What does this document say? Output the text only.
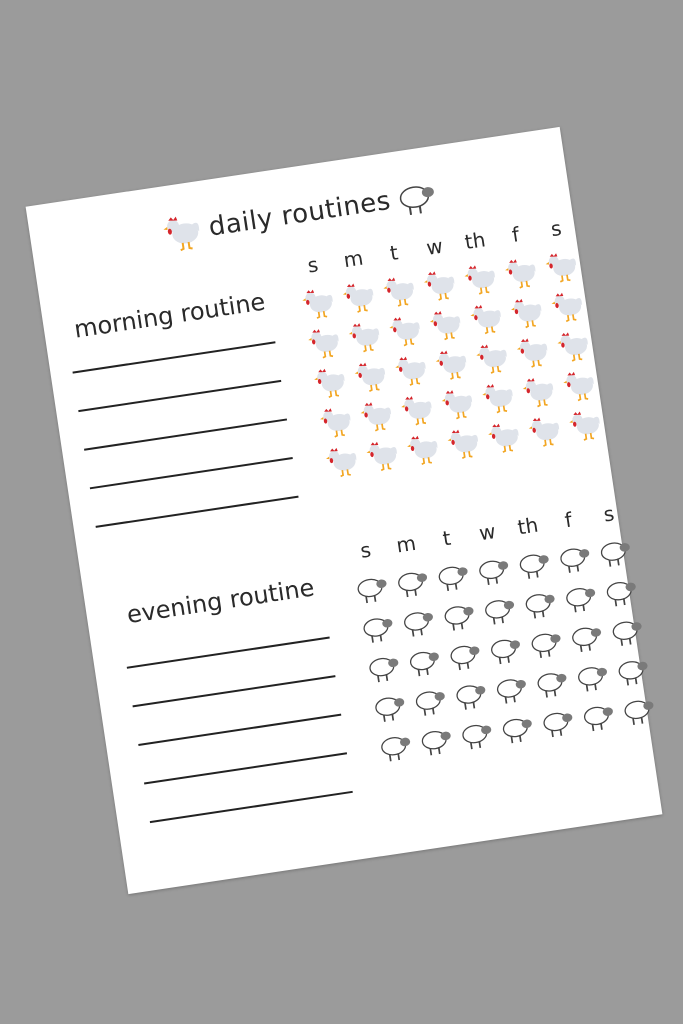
daily routines
morning routine
s	m	t	w th	f	s
evening routine
s	m	t	w th	f	s
